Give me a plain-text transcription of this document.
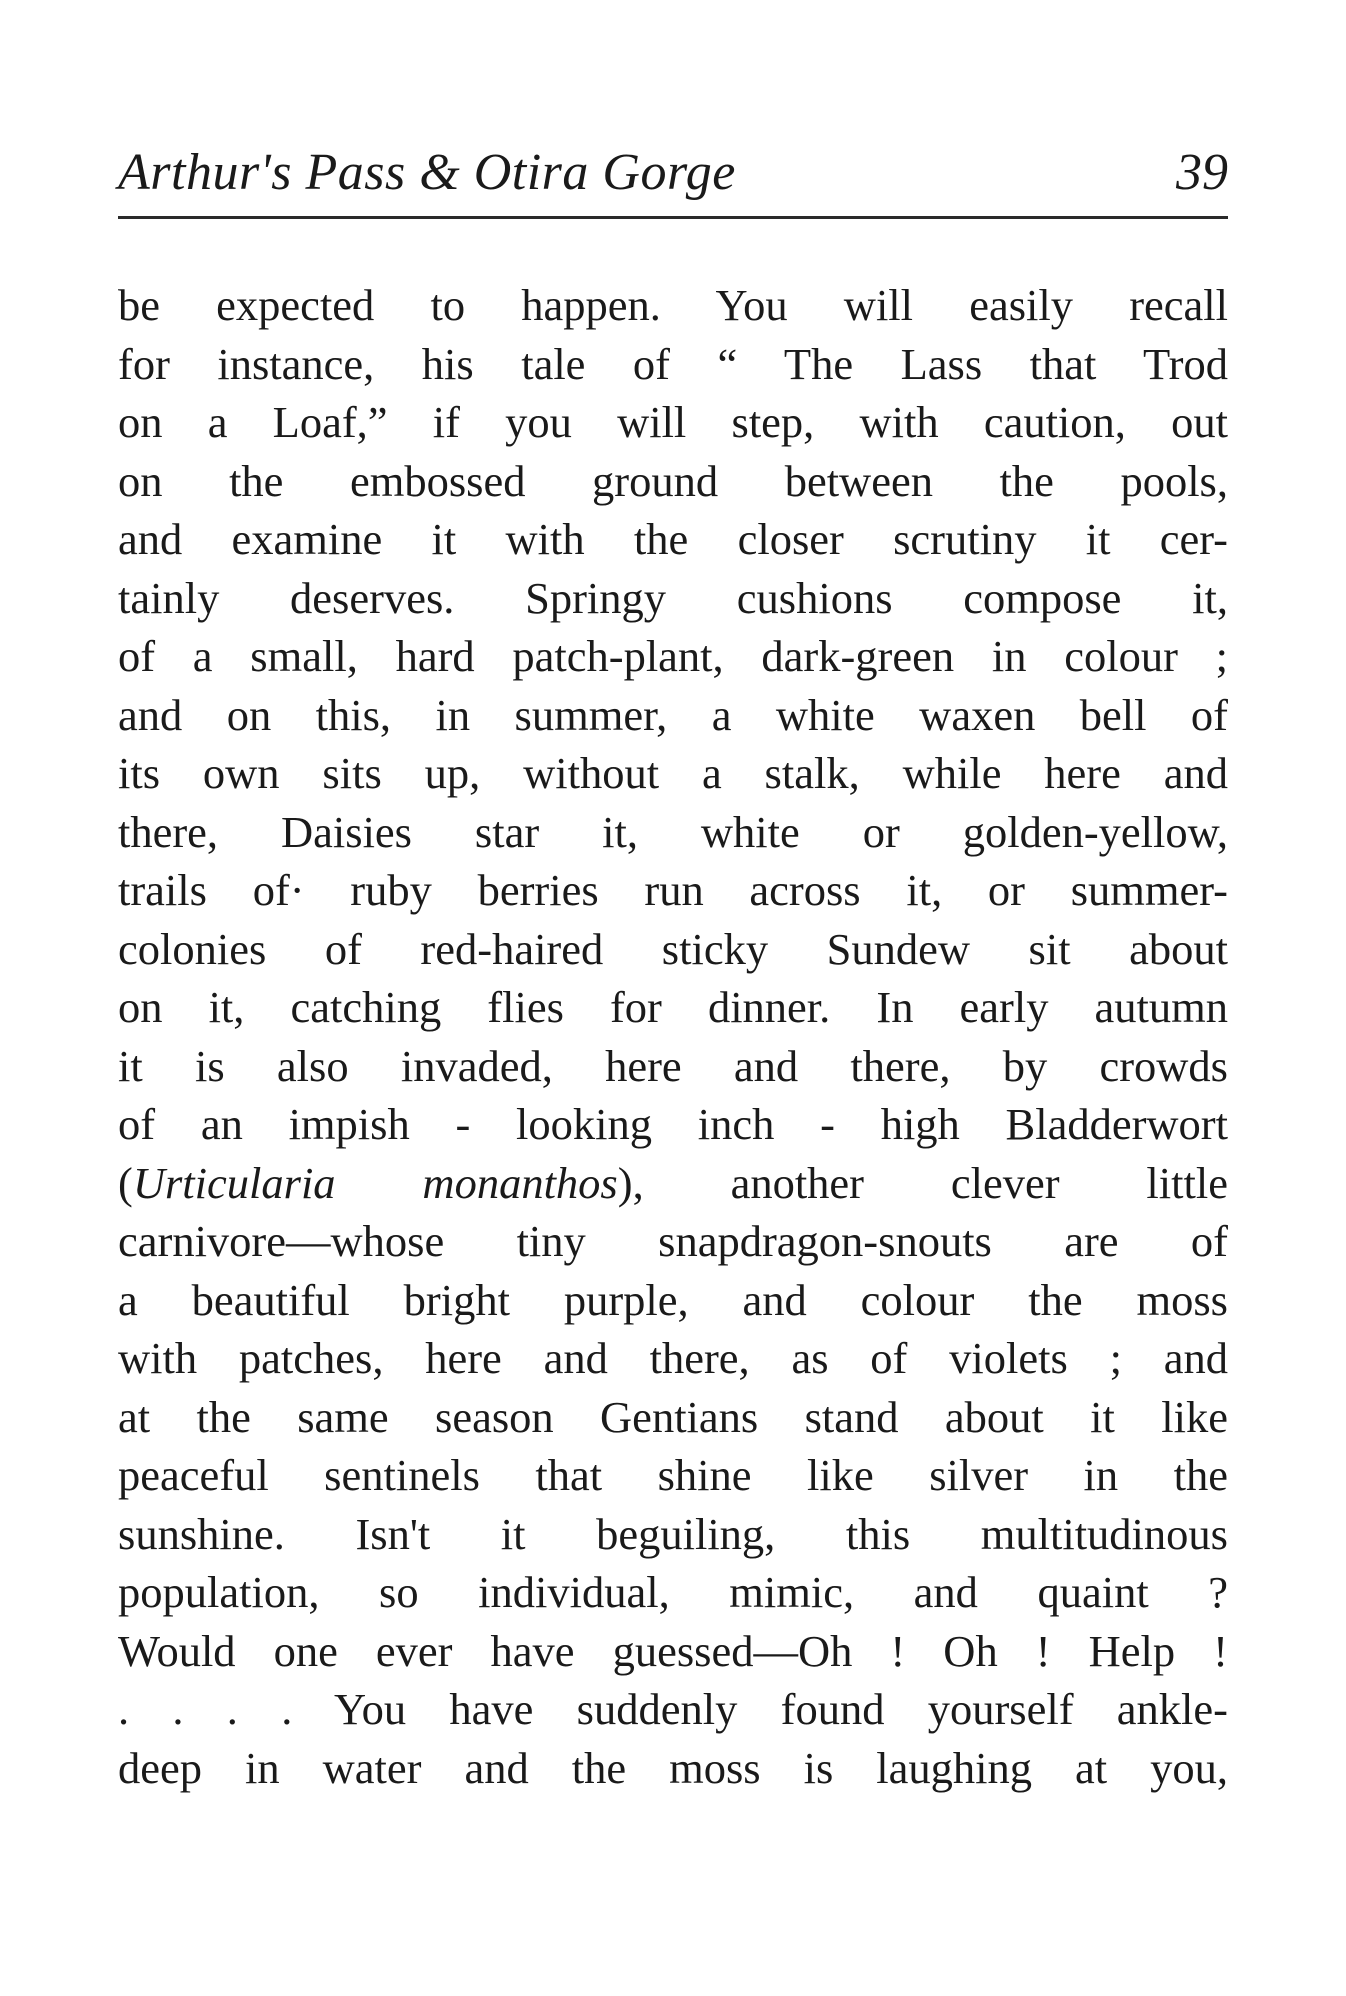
Arthur's Pass & Otira Gorge	39
be expected to happen. You will easily recall
for instance, his tale of “ The Lass that Trod
on a Loaf,” if you will step, with caution, out
on the embossed ground between the pools,
and examine it with the closer scrutiny it cer-
tainly deserves. Springy cushions compose it,
of a small, hard patch-plant, dark-green in colour ;
and on this, in summer, a white waxen bell of
its own sits up, without a stalk, while here and
there, Daisies star it, white or golden-yellow,
trails of· ruby berries run across it, or summer-
colonies of red-haired sticky Sundew sit about
on it, catching flies for dinner. In early autumn
it is also invaded, here and there, by crowds
of an impish - looking inch - high Bladderwort
(Urticularia monanthos), another clever little
carnivore—whose tiny snapdragon-snouts are of
a beautiful bright purple, and colour the moss
with patches, here and there, as of violets ; and
at the same season Gentians stand about it like
peaceful sentinels that shine like silver in the
sunshine. Isn't it beguiling, this multitudinous
population, so individual, mimic, and quaint ?
Would one ever have guessed—Oh ! Oh ! Help !
. . . . You have suddenly found yourself ankle-
deep in water and the moss is laughing at you,
